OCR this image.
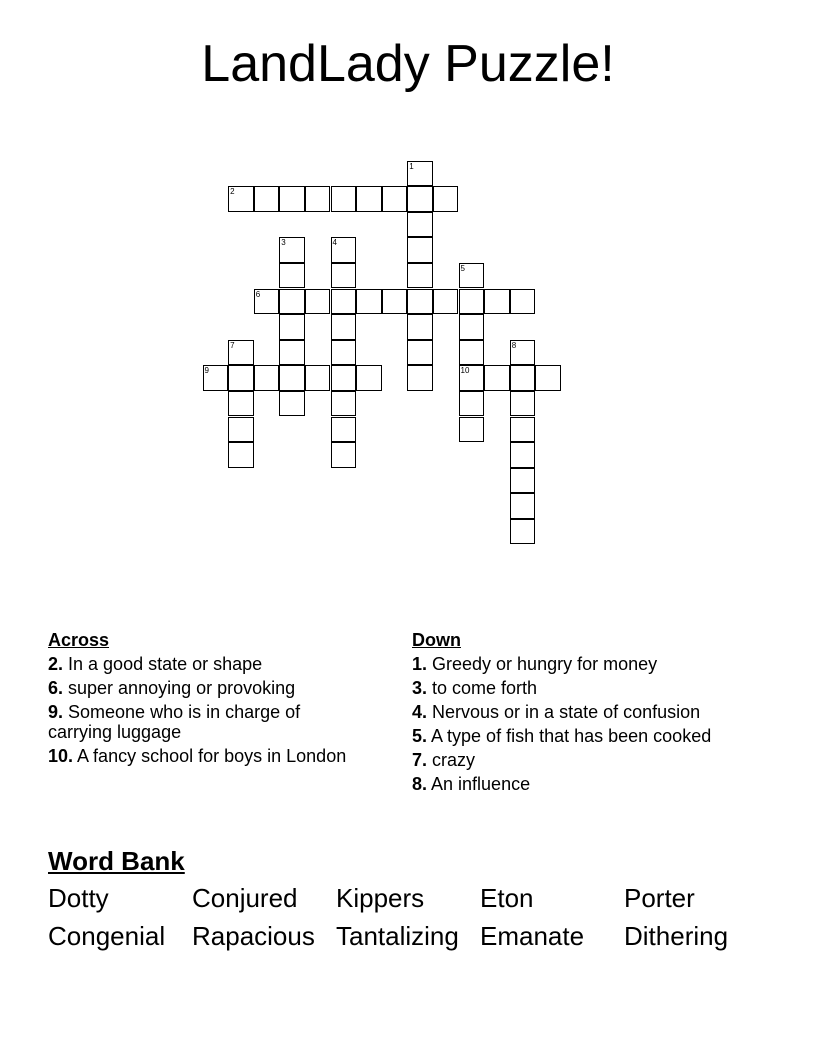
LandLady Puzzle!
1
2
3	4
5
10
6
7	8
9
Across
2. In a good state or shape
6. super annoying or provoking
9. Someone who is in charge of carrying luggage
10. A fancy school for boys in London
Down
1. Greedy or hungry for money
3. to come forth
4. Nervous or in a state of confusion
5. A type of fish that has been cooked
7. crazy
8. An influence
Word Bank
Dotty	Conjured	Kippers	Eton	Porter
Congenial	Rapacious Tantalizing Emanate	Dithering
